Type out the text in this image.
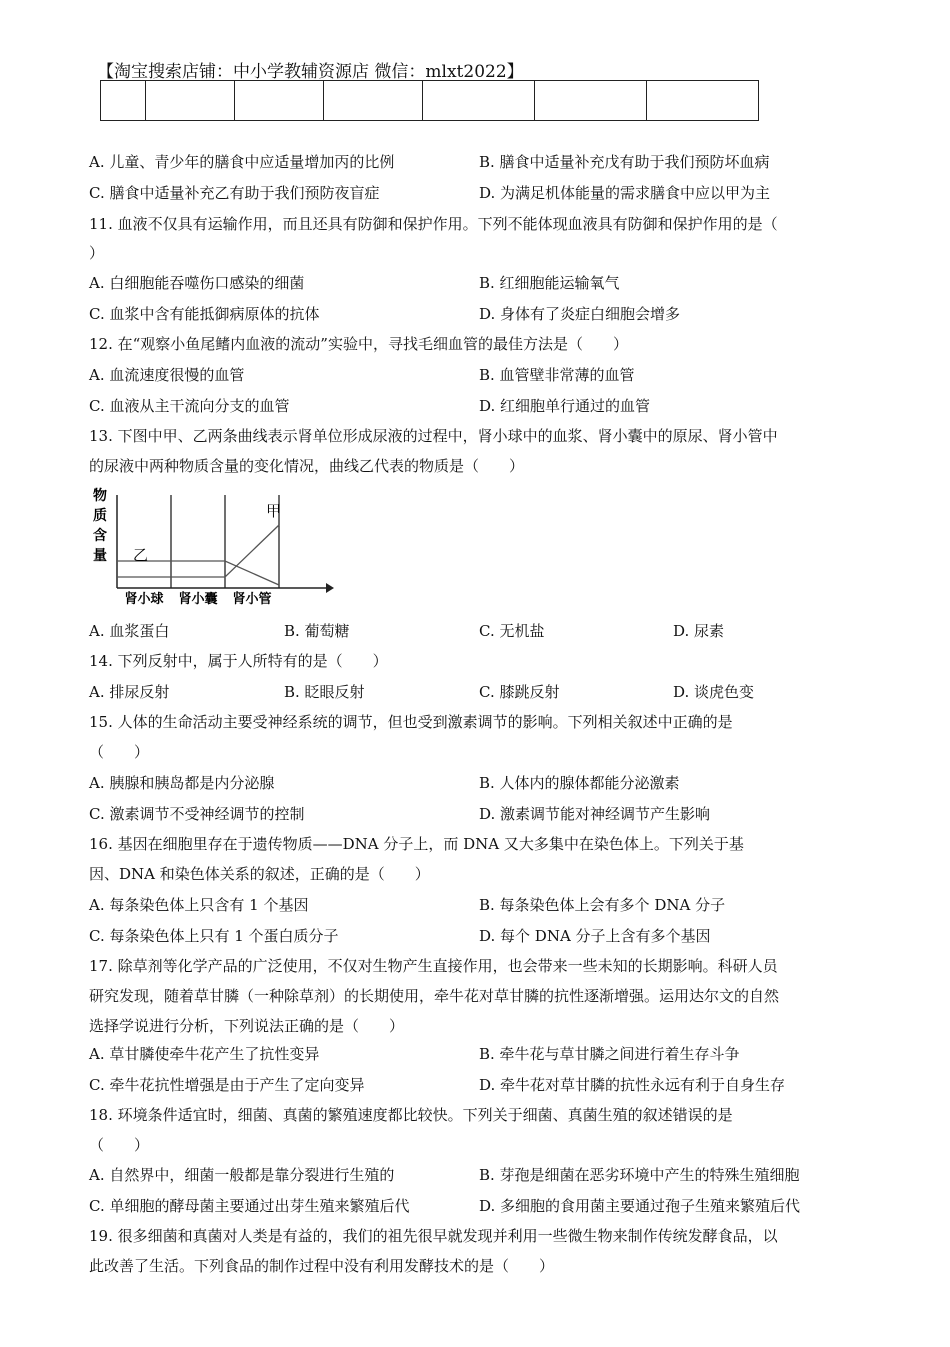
【淘宝搜索店铺：中小学教辅资源店 微信：mlxt2022】

A. 儿童、青少年的膳食中应适量增加丙的比例	B. 膳食中适量补充戊有助于我们预防坏血病
C. 膳食中适量补充乙有助于我们预防夜盲症	D. 为满足机体能量的需求膳食中应以甲为主
11. 血液不仅具有运输作用，而且还具有防御和保护作用。下列不能体现血液具有防御和保护作用的是（
）
A. 白细胞能吞噬伤口感染的细菌	B. 红细胞能运输氧气
C. 血浆中含有能抵御病原体的抗体	D. 身体有了炎症白细胞会增多
12. 在“观察小鱼尾鳍内血液的流动”实验中，寻找毛细血管的最佳方法是（　　）
A. 血流速度很慢的血管	B. 血管壁非常薄的血管
C. 血液从主干流向分支的血管	D. 红细胞单行通过的血管
13. 下图中甲、乙两条曲线表示肾单位形成尿液的过程中，肾小球中的血浆、肾小囊中的原尿、肾小管中
的尿液中两种物质含量的变化情况，曲线乙代表的物质是（　　）
物
质
含
量
甲
乙
肾小球 肾小囊 肾小管
A. 血浆蛋白	B. 葡萄糖	C. 无机盐	D. 尿素
14. 下列反射中，属于人所特有的是（　　）
A. 排尿反射	B. 眨眼反射	C. 膝跳反射	D. 谈虎色变
15. 人体的生命活动主要受神经系统的调节，但也受到激素调节的影响。下列相关叙述中正确的是
（　　）
A. 胰腺和胰岛都是内分泌腺	B. 人体内的腺体都能分泌激素
C. 激素调节不受神经调节的控制	D. 激素调节能对神经调节产生影响
16. 基因在细胞里存在于遗传物质——DNA 分子上，而 DNA 又大多集中在染色体上。下列关于基
因、DNA 和染色体关系的叙述，正确的是（　　）
A. 每条染色体上只含有 1 个基因	B. 每条染色体上会有多个 DNA 分子
C. 每条染色体上只有 1 个蛋白质分子	D. 每个 DNA 分子上含有多个基因
17. 除草剂等化学产品的广泛使用，不仅对生物产生直接作用，也会带来一些未知的长期影响。科研人员
研究发现，随着草甘膦（一种除草剂）的长期使用，牵牛花对草甘膦的抗性逐渐增强。运用达尔文的自然
选择学说进行分析，下列说法正确的是（　　）
A. 草甘膦使牵牛花产生了抗性变异	B. 牵牛花与草甘膦之间进行着生存斗争
C. 牵牛花抗性增强是由于产生了定向变异	D. 牵牛花对草甘膦的抗性永远有利于自身生存
18. 环境条件适宜时，细菌、真菌的繁殖速度都比较快。下列关于细菌、真菌生殖的叙述错误的是
（　　）
A. 自然界中，细菌一般都是靠分裂进行生殖的	B. 芽孢是细菌在恶劣环境中产生的特殊生殖细胞
C. 单细胞的酵母菌主要通过出芽生殖来繁殖后代	D. 多细胞的食用菌主要通过孢子生殖来繁殖后代
19. 很多细菌和真菌对人类是有益的，我们的祖先很早就发现并利用一些微生物来制作传统发酵食品，以
此改善了生活。下列食品的制作过程中没有利用发酵技术的是（　　）
